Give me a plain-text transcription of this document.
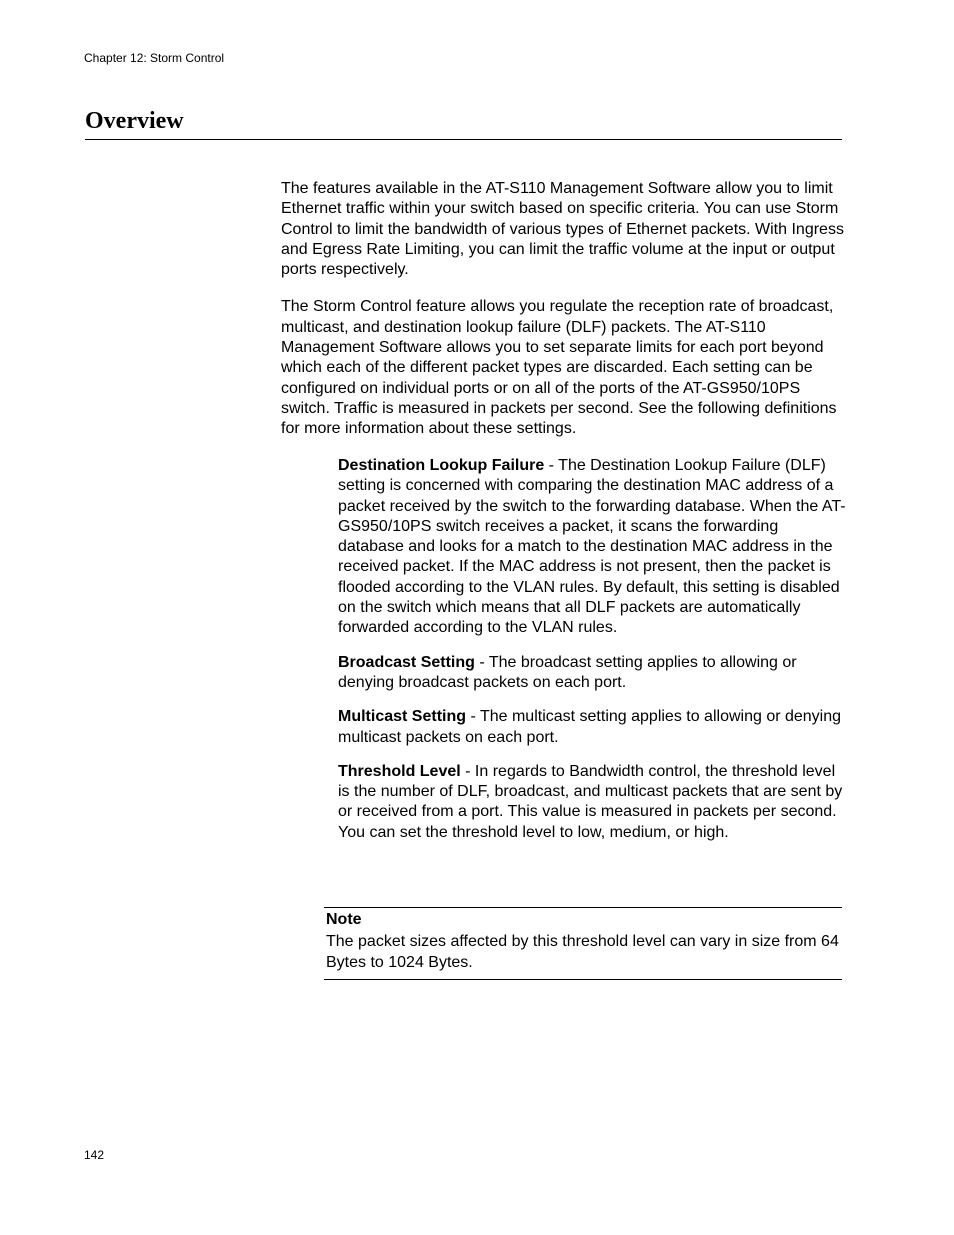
Chapter 12: Storm Control
Overview

The features available in the AT-S110 Management Software allow you to limit Ethernet traffic within your switch based on specific criteria. You can use Storm Control to limit the bandwidth of various types of Ethernet packets. With Ingress and Egress Rate Limiting, you can limit the traffic volume at the input or output ports respectively.

The Storm Control feature allows you regulate the reception rate of broadcast, multicast, and destination lookup failure (DLF) packets. The AT-S110 Management Software allows you to set separate limits for each port beyond which each of the different packet types are discarded. Each setting can be configured on individual ports or on all of the ports of the AT-GS950/10PS switch. Traffic is measured in packets per second. See the following definitions for more information about these settings.

Destination Lookup Failure - The Destination Lookup Failure (DLF) setting is concerned with comparing the destination MAC address of a packet received by the switch to the forwarding database. When the AT-GS950/10PS switch receives a packet, it scans the forwarding database and looks for a match to the destination MAC address in the received packet. If the MAC address is not present, then the packet is flooded according to the VLAN rules. By default, this setting is disabled on the switch which means that all DLF packets are automatically forwarded according to the VLAN rules.

Broadcast Setting - The broadcast setting applies to allowing or denying broadcast packets on each port.

Multicast Setting - The multicast setting applies to allowing or denying multicast packets on each port.

Threshold Level - In regards to Bandwidth control, the threshold level is the number of DLF, broadcast, and multicast packets that are sent by or received from a port. This value is measured in packets per second. You can set the threshold level to low, medium, or high.

Note

The packet sizes affected by this threshold level can vary in size from 64 Bytes to 1024 Bytes.

142
